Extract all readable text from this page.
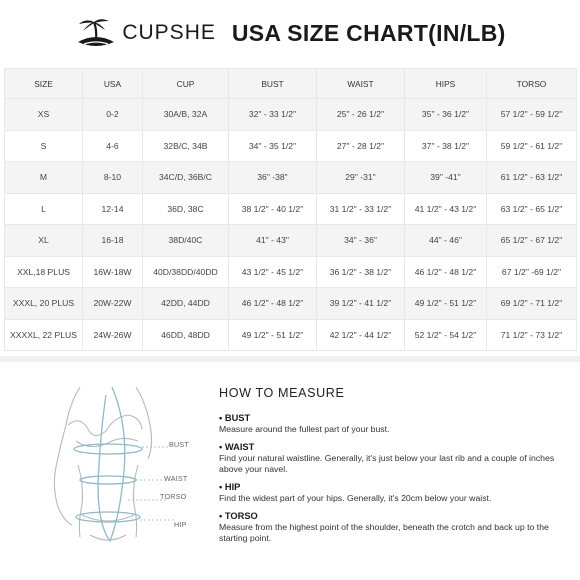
CUPSHE USA SIZE CHART(IN/LB)
SIZE	USA	CUP	BUST	WAIST	HIPS	TORSO
XS	0-2	30A/B, 32A	32" - 33 1/2"	25" - 26 1/2"	35" - 36 1/2"	57 1/2" - 59 1/2"
S	4-6	32B/C, 34B	34" - 35 1/2"	27" - 28 1/2"	37" - 38 1/2"	59 1/2" - 61 1/2"
M	8-10	34C/D, 36B/C	36" -38"	29" -31"	39" -41"	61 1/2" - 63 1/2"
L	12-14	36D, 38C	38 1/2" - 40 1/2"	31 1/2" - 33 1/2"	41 1/2" - 43 1/2"	63 1/2" - 65 1/2"
XL	16-18	38D/40C	41" - 43"	34" - 36"	44" - 46"	65 1/2" - 67 1/2"
XXL,18 PLUS	16W-18W	40D/38DD/40DD	43 1/2" - 45 1/2"	36 1/2" - 38 1/2"	46 1/2" - 48 1/2"	67 1/2" -69 1/2"
XXXL, 20 PLUS	20W-22W	42DD, 44DD	46 1/2" - 48 1/2"	39 1/2" - 41 1/2"	49 1/2" - 51 1/2"	69 1/2" - 71 1/2"
XXXXL, 22 PLUS	24W-26W	46DD, 48DD	49 1/2" - 51 1/2"	42 1/2" - 44 1/2"	52 1/2" - 54 1/2"	71 1/2" - 73 1/2"
BUST
WAIST
TORSO
HIP
HOW TO MEASURE
• BUST
Measure around the fullest part of your bust.
• WAIST
Find your natural waistline. Generally, it's just below your last rib and a couple of inches above your navel.
• HIP
Find the widest part of your hips. Generally, it's 20cm below your waist.
• TORSO
Measure from the highest point of the shoulder, beneath the crotch and back up to the starting point.
